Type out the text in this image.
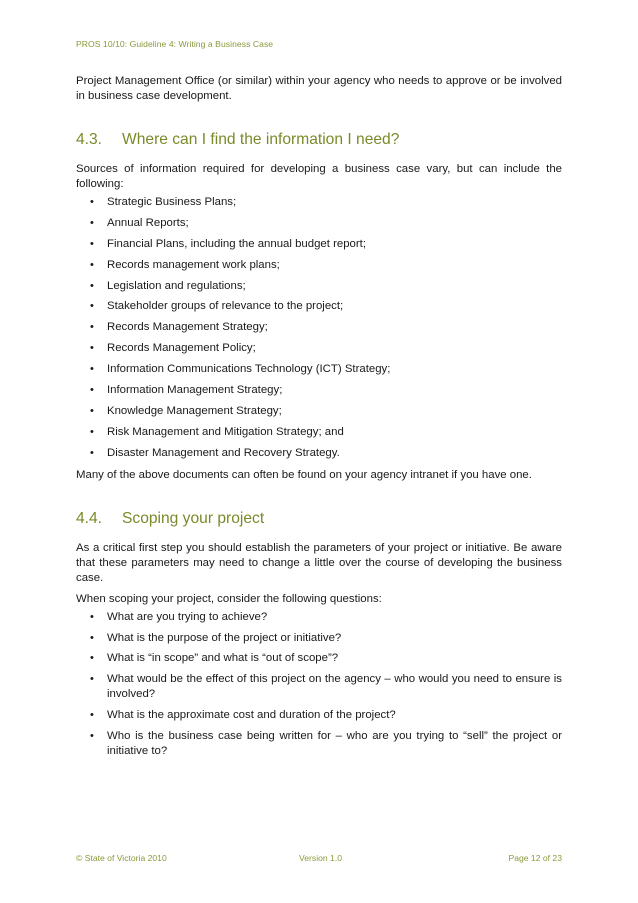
PROS 10/10: Guideline 4: Writing a Business Case

Project Management Office (or similar) within your agency who needs to approve or be involved in business case development.

4.3. Where can I find the information I need?

Sources of information required for developing a business case vary, but can include the following:

• Strategic Business Plans;
• Annual Reports;
• Financial Plans, including the annual budget report;
• Records management work plans;
• Legislation and regulations;
• Stakeholder groups of relevance to the project;
• Records Management Strategy;
• Records Management Policy;
• Information Communications Technology (ICT) Strategy;
• Information Management Strategy;
• Knowledge Management Strategy;
• Risk Management and Mitigation Strategy; and
• Disaster Management and Recovery Strategy.

Many of the above documents can often be found on your agency intranet if you have one.

4.4. Scoping your project

As a critical first step you should establish the parameters of your project or initiative. Be aware that these parameters may need to change a little over the course of developing the business case.

When scoping your project, consider the following questions:

• What are you trying to achieve?
• What is the purpose of the project or initiative?
• What is “in scope” and what is “out of scope”?
• What would be the effect of this project on the agency – who would you need to ensure is involved?
• What is the approximate cost and duration of the project?
• Who is the business case being written for – who are you trying to “sell” the project or initiative to?
© State of Victoria 2010	Version 1.0	Page 12 of 23
